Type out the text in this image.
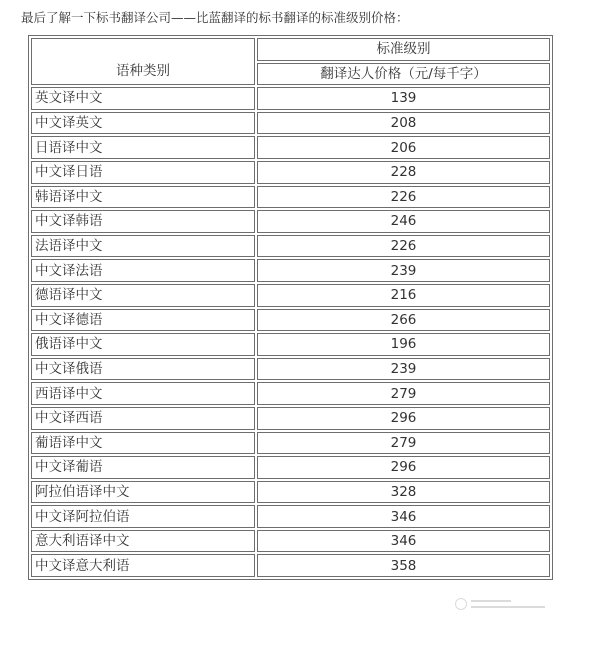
最后了解一下标书翻译公司——比蓝翻译的标书翻译的标准级别价格：
语种类别	标准级别
	翻译达人价格（元/每千字）
英文译中文	139
中文译英文	208
日语译中文	206
中文译日语	228
韩语译中文	226
中文译韩语	246
法语译中文	226
中文译法语	239
德语译中文	216
中文译德语	266
俄语译中文	196
中文译俄语	239
西语译中文	279
中文译西语	296
葡语译中文	279
中文译葡语	296
阿拉伯语译中文	328
中文译阿拉伯语	346
意大利语译中文	346
中文译意大利语	358
